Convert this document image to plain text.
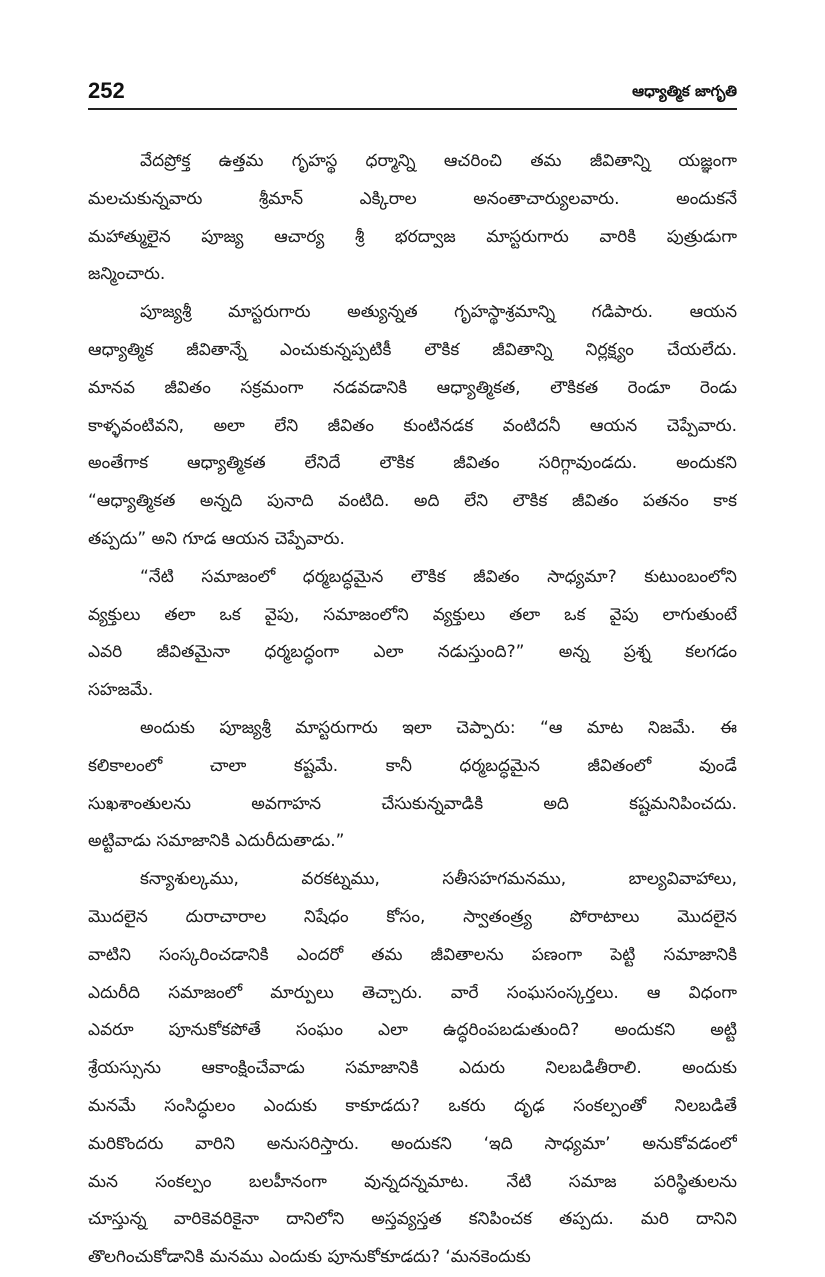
252	ఆధ్యాత్మిక జాగృతి
వేదప్రోక్త ఉత్తమ గృహస్థ ధర్మాన్ని ఆచరించి తమ జీవితాన్ని యజ్ఞంగా
మలచుకున్నవారు శ్రీమాన్ ఎక్కిరాల అనంతాచార్యులవారు. అందుకనే
మహాత్ములైన పూజ్య ఆచార్య శ్రీ భరద్వాజ మాస్టరుగారు వారికి పుత్రుడుగా
జన్మించారు.
పూజ్యశ్రీ మాస్టరుగారు అత్యున్నత గృహస్థాశ్రమాన్ని గడిపారు. ఆయన
ఆధ్యాత్మిక జీవితాన్నే ఎంచుకున్నప్పటికీ లౌకిక జీవితాన్ని నిర్లక్ష్యం చేయలేదు.
మానవ జీవితం సక్రమంగా నడవడానికి ఆధ్యాత్మికత, లౌకికత రెండూ రెండు
కాళ్ళవంటివని, అలా లేని జీవితం కుంటినడక వంటిదనీ ఆయన చెప్పేవారు.
అంతేగాక ఆధ్యాత్మికత లేనిదే లౌకిక జీవితం సరిగ్గావుండదు. అందుకని
“ఆధ్యాత్మికత అన్నది పునాది వంటిది. అది లేని లౌకిక జీవితం పతనం కాక
తప్పదు” అని గూడ ఆయన చెప్పేవారు.
“నేటి సమాజంలో ధర్మబద్ధమైన లౌకిక జీవితం సాధ్యమా? కుటుంబంలోని
వ్యక్తులు తలా ఒక వైపు, సమాజంలోని వ్యక్తులు తలా ఒక వైపు లాగుతుంటే
ఎవరి జీవితమైనా ధర్మబద్ధంగా ఎలా నడుస్తుంది?” అన్న ప్రశ్న కలగడం
సహజమే.
అందుకు పూజ్యశ్రీ మాస్టరుగారు ఇలా చెప్పారు: “ఆ మాట నిజమే. ఈ
కలికాలంలో చాలా కష్టమే. కానీ ధర్మబద్ధమైన జీవితంలో వుండే
సుఖశాంతులను అవగాహన చేసుకున్నవాడికి అది కష్టమనిపించదు.
అట్టివాడు సమాజానికి ఎదురీదుతాడు.”
కన్యాశుల్కము, వరకట్నము, సతీసహగమనము, బాల్యవివాహాలు,
మొదలైన దురాచారాల నిషేధం కోసం, స్వాతంత్ర్య పోరాటాలు మొదలైన
వాటిని సంస్కరించడానికి ఎందరో తమ జీవితాలను పణంగా పెట్టి సమాజానికి
ఎదురీది సమాజంలో మార్పులు తెచ్చారు. వారే సంఘసంస్కర్తలు. ఆ విధంగా
ఎవరూ పూనుకోకపోతే సంఘం ఎలా ఉద్ధరింపబడుతుంది? అందుకని అట్టి
శ్రేయస్సును ఆకాంక్షించేవాడు సమాజానికి ఎదురు నిలబడితీరాలి. అందుకు
మనమే సంసిద్ధులం ఎందుకు కాకూడదు? ఒకరు దృఢ సంకల్పంతో నిలబడితే
మరికొందరు వారిని అనుసరిస్తారు. అందుకని ‘ఇది సాధ్యమా’ అనుకోవడంలో
మన సంకల్పం బలహీనంగా వున్నదన్నమాట. నేటి సమాజ పరిస్థితులను
చూస్తున్న వారికెవరికైనా దానిలోని అస్తవ్యస్తత కనిపించక తప్పదు. మరి దానిని
తొలగించుకోడానికి మనము ఎందుకు పూనుకోకూడదు? ‘మనకెందుకు
